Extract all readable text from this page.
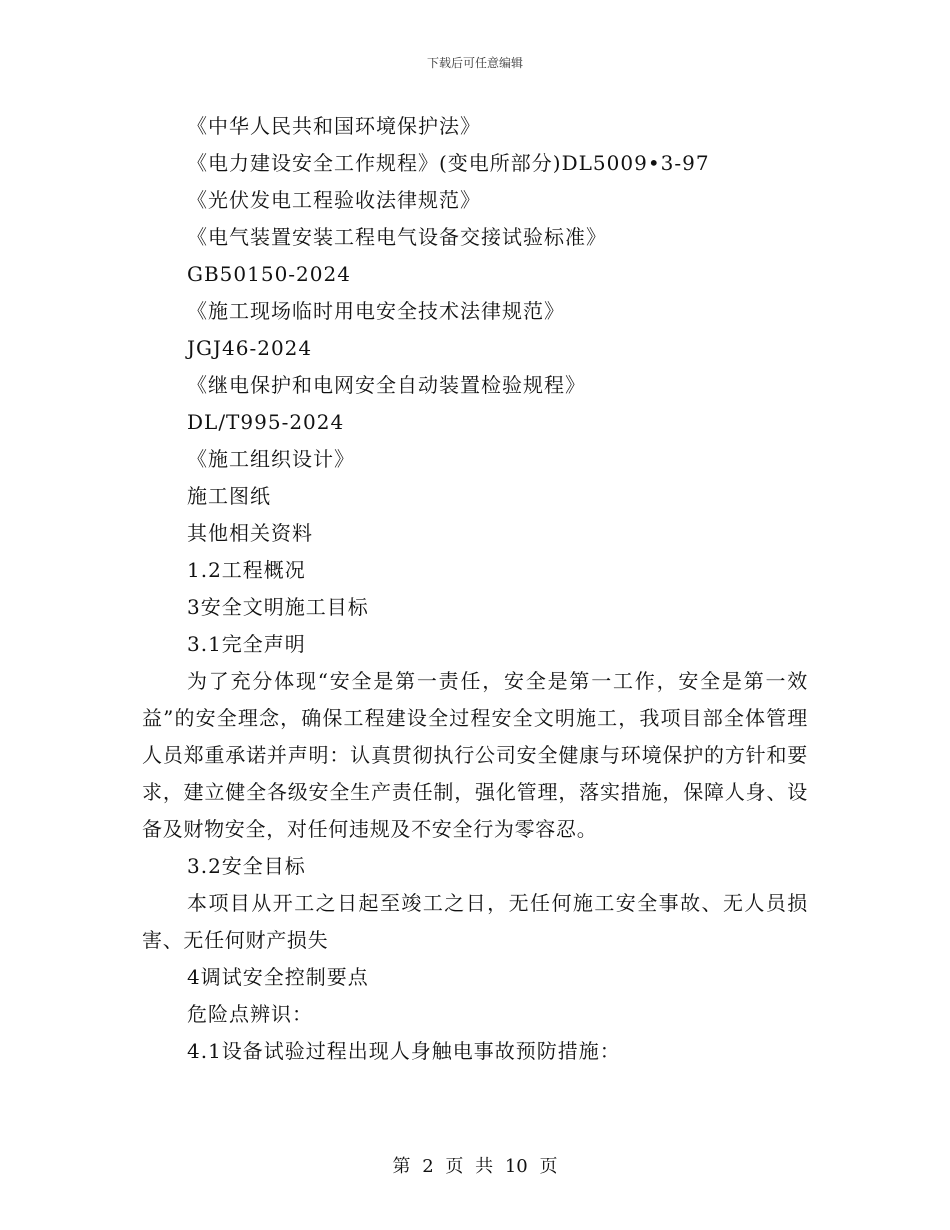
下载后可任意编辑

《中华人民共和国环境保护法》

《电力建设安全工作规程》(变电所部分)DL5009•3-97

《光伏发电工程验收法律规范》

《电气装置安装工程电气设备交接试验标准》

GB50150-2024

《施工现场临时用电安全技术法律规范》

JGJ46-2024

《继电保护和电网安全自动装置检验规程》

DL/T995-2024

《施工组织设计》

施工图纸

其他相关资料

1.2工程概况

3安全文明施工目标

3.1完全声明

为了充分体现“安全是第一责任，安全是第一工作，安全是第一效益”的安全理念，确保工程建设全过程安全文明施工，我项目部全体管理人员郑重承诺并声明：认真贯彻执行公司安全健康与环境保护的方针和要求，建立健全各级安全生产责任制，强化管理，落实措施，保障人身、设备及财物安全，对任何违规及不安全行为零容忍。

3.2安全目标

本项目从开工之日起至竣工之日，无任何施工安全事故、无人员损害、无任何财产损失

4调试安全控制要点

危险点辨识：

4.1设备试验过程出现人身触电事故预防措施：

第 2 页 共 10 页
